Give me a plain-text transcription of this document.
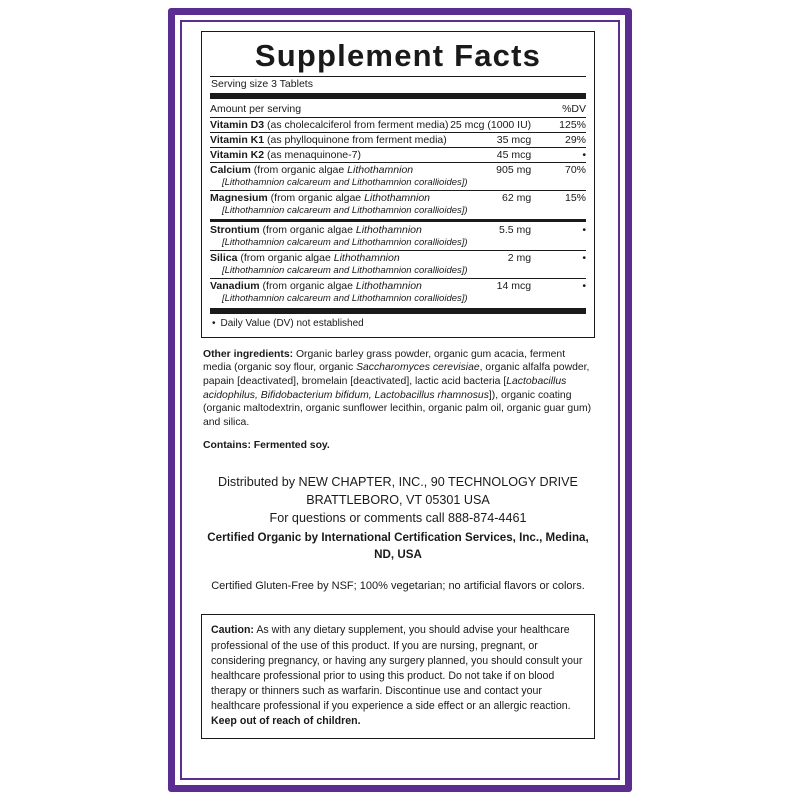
Supplement Facts
Serving size 3 Tablets
Amount per serving		%DV

Vitamin D3 (as cholecalciferol from ferment media)	25 mcg (1000 IU)	125%

Vitamin K1 (as phylloquinone from ferment media)	35 mcg	29%

Vitamin K2 (as menaquinone-7)	45 mcg	•

Calcium (from organic algae Lithothamnion	905 mg	70%

[Lithothamnion calcareum and Lithothamnion corallioides])		

Magnesium (from organic algae Lithothamnion	62 mg	15%

[Lithothamnion calcareum and Lithothamnion corallioides])		
Strontium (from organic algae Lithothamnion	5.5 mg	•

[Lithothamnion calcareum and Lithothamnion corallioides])		

Silica (from organic algae Lithothamnion	2 mg	•

[Lithothamnion calcareum and Lithothamnion corallioides])		

Vanadium (from organic algae Lithothamnion	14 mcg	•

[Lithothamnion calcareum and Lithothamnion corallioides])		
• Daily Value (DV) not established
Other ingredients: Organic barley grass powder, organic gum acacia, ferment media (organic soy flour, organic Saccharomyces cerevisiae, organic alfalfa powder, papain [deactivated], bromelain [deactivated], lactic acid bacteria [Lactobacillus acidophilus, Bifidobacterium bifidum, Lactobacillus rhamnosus]), organic coating (organic maltodextrin, organic sunflower lecithin, organic palm oil, organic guar gum) and silica.
Contains: Fermented soy.
Distributed by NEW CHAPTER, INC., 90 TECHNOLOGY DRIVE
BRATTLEBORO, VT 05301 USA
For questions or comments call 888-874-4461
Certified Organic by International Certification Services, Inc., Medina, ND, USA
Certified Gluten-Free by NSF; 100% vegetarian; no artificial flavors or colors.
Caution: As with any dietary supplement, you should advise your healthcare professional of the use of this product. If you are nursing, pregnant, or considering pregnancy, or having any surgery planned, you should consult your healthcare professional prior to using this product. Do not take if on blood therapy or thinners such as warfarin. Discontinue use and contact your healthcare professional if you experience a side effect or an allergic reaction. Keep out of reach of children.
